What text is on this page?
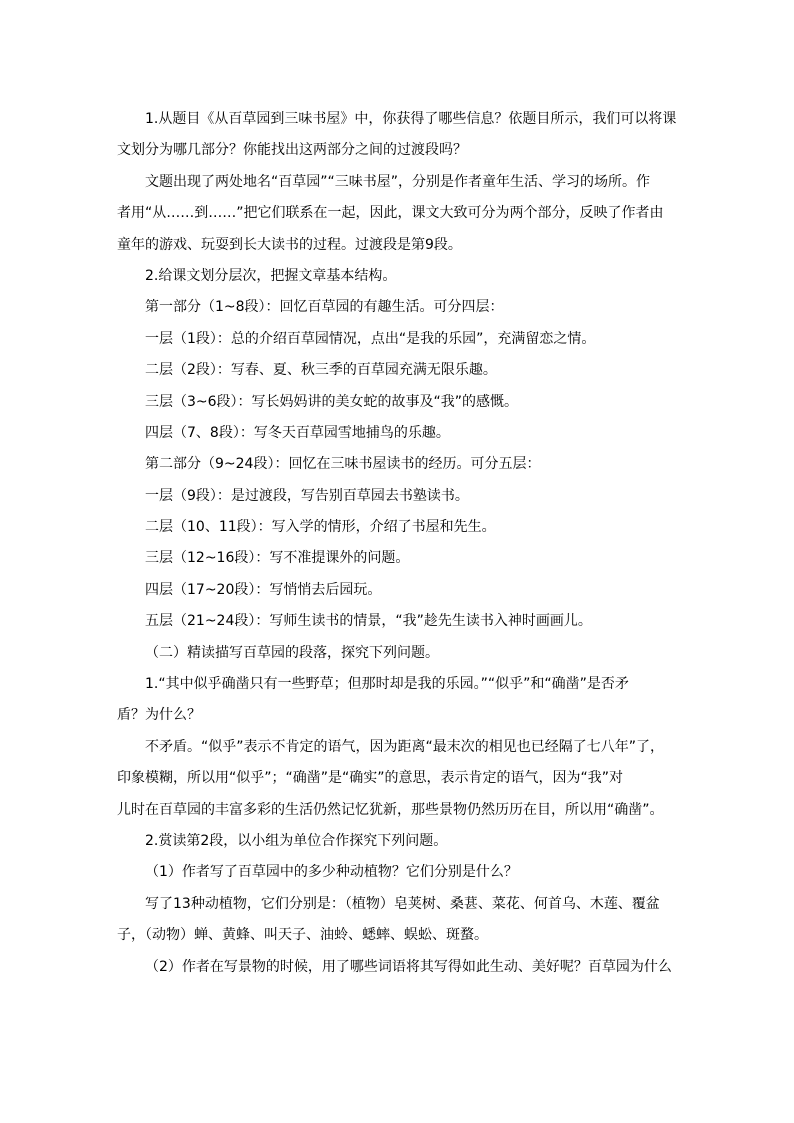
1.从题目《从百草园到三味书屋》中，你获得了哪些信息？依题目所示，我们可以将课
文划分为哪几部分？你能找出这两部分之间的过渡段吗？
文题出现了两处地名“百草园”“三味书屋”，分别是作者童年生活、学习的场所。作
者用“从……到……”把它们联系在一起，因此，课文大致可分为两个部分，反映了作者由
童年的游戏、玩耍到长大读书的过程。过渡段是第9段。
2.给课文划分层次，把握文章基本结构。
第一部分（1~8段）：回忆百草园的有趣生活。可分四层：
一层（1段）：总的介绍百草园情况，点出“是我的乐园”，充满留恋之情。
二层（2段）：写春、夏、秋三季的百草园充满无限乐趣。
三层（3~6段）：写长妈妈讲的美女蛇的故事及“我”的感慨。
四层（7、8段）：写冬天百草园雪地捕鸟的乐趣。
第二部分（9~24段）：回忆在三味书屋读书的经历。可分五层：
一层（9段）：是过渡段，写告别百草园去书塾读书。
二层（10、11段）：写入学的情形，介绍了书屋和先生。
三层（12~16段）：写不准提课外的问题。
四层（17~20段）：写悄悄去后园玩。
五层（21~24段）：写师生读书的情景，“我”趁先生读书入神时画画儿。
（二）精读描写百草园的段落，探究下列问题。
1.“其中似乎确凿只有一些野草；但那时却是我的乐园。”“似乎”和“确凿”是否矛
盾？为什么？
不矛盾。“似乎”表示不肯定的语气，因为距离“最末次的相见也已经隔了七八年”了，
印象模糊，所以用“似乎”；“确凿”是“确实”的意思，表示肯定的语气，因为“我”对
儿时在百草园的丰富多彩的生活仍然记忆犹新，那些景物仍然历历在目，所以用“确凿”。
2.赏读第2段，以小组为单位合作探究下列问题。
（1）作者写了百草园中的多少种动植物？它们分别是什么？
写了13种动植物，它们分别是：（植物）皂荚树、桑葚、菜花、何首乌、木莲、覆盆
子，（动物）蝉、黄蜂、叫天子、油蛉、蟋蟀、蜈蚣、斑蝥。
（2）作者在写景物的时候，用了哪些词语将其写得如此生动、美好呢？百草园为什么
